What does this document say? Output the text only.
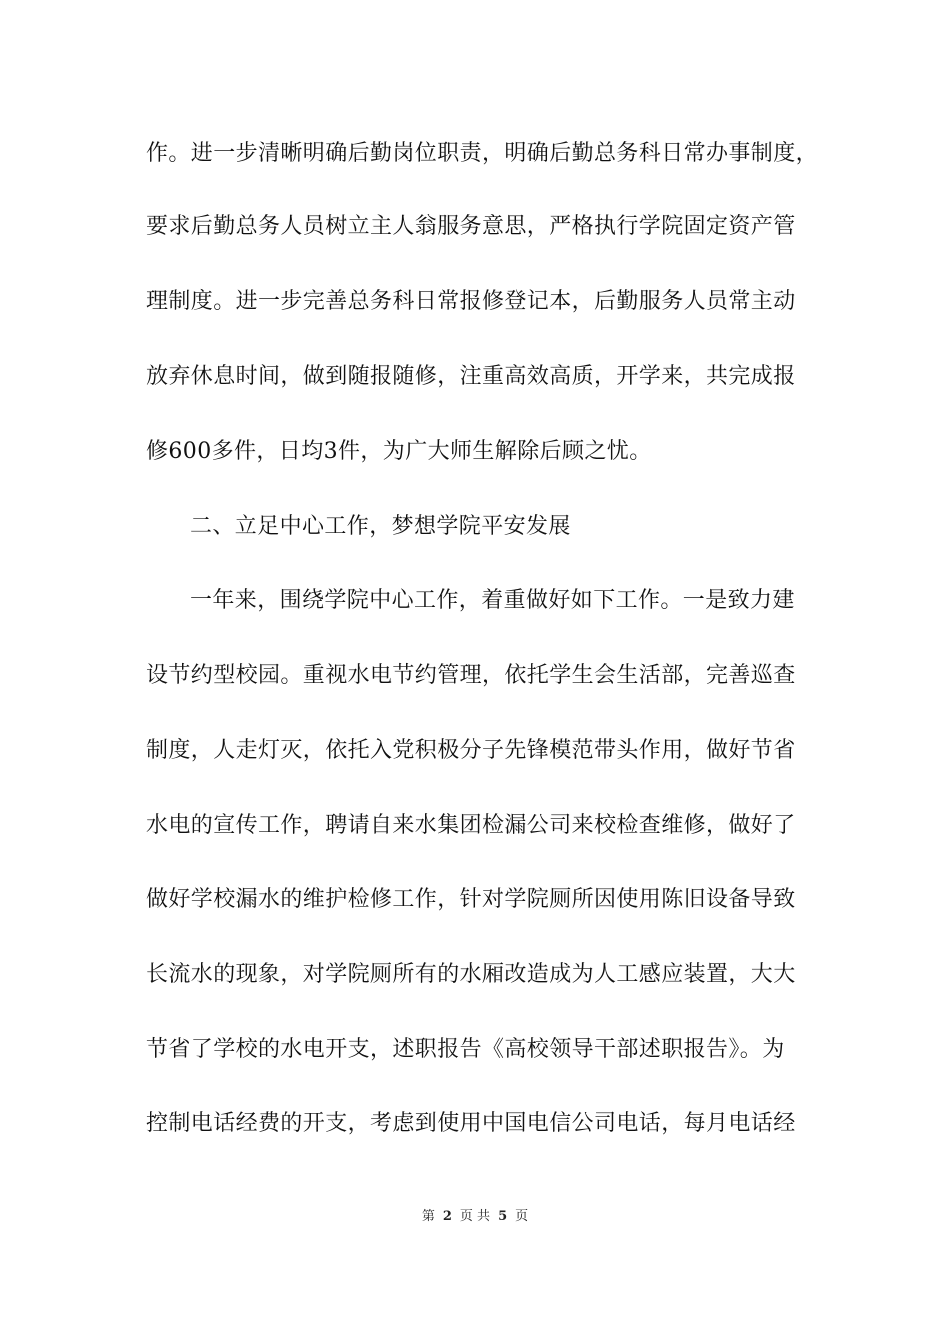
作。进一步清晰明确后勤岗位职责，明确后勤总务科日常办事制度，
要求后勤总务人员树立主人翁服务意思，严格执行学院固定资产管
理制度。进一步完善总务科日常报修登记本，后勤服务人员常主动
放弃休息时间，做到随报随修，注重高效高质，开学来，共完成报
修600多件，日均3件，为广大师生解除后顾之忧。
二、立足中心工作，梦想学院平安发展
一年来，围绕学院中心工作，着重做好如下工作。一是致力建
设节约型校园。重视水电节约管理，依托学生会生活部，完善巡查
制度，人走灯灭，依托入党积极分子先锋模范带头作用，做好节省
水电的宣传工作，聘请自来水集团检漏公司来校检查维修，做好了
做好学校漏水的维护检修工作，针对学院厕所因使用陈旧设备导致
长流水的现象，对学院厕所有的水厢改造成为人工感应装置，大大
节省了学校的水电开支，述职报告《高校领导干部述职报告》。为
控制电话经费的开支，考虑到使用中国电信公司电话，每月电话经
第 2 页 共 5 页
